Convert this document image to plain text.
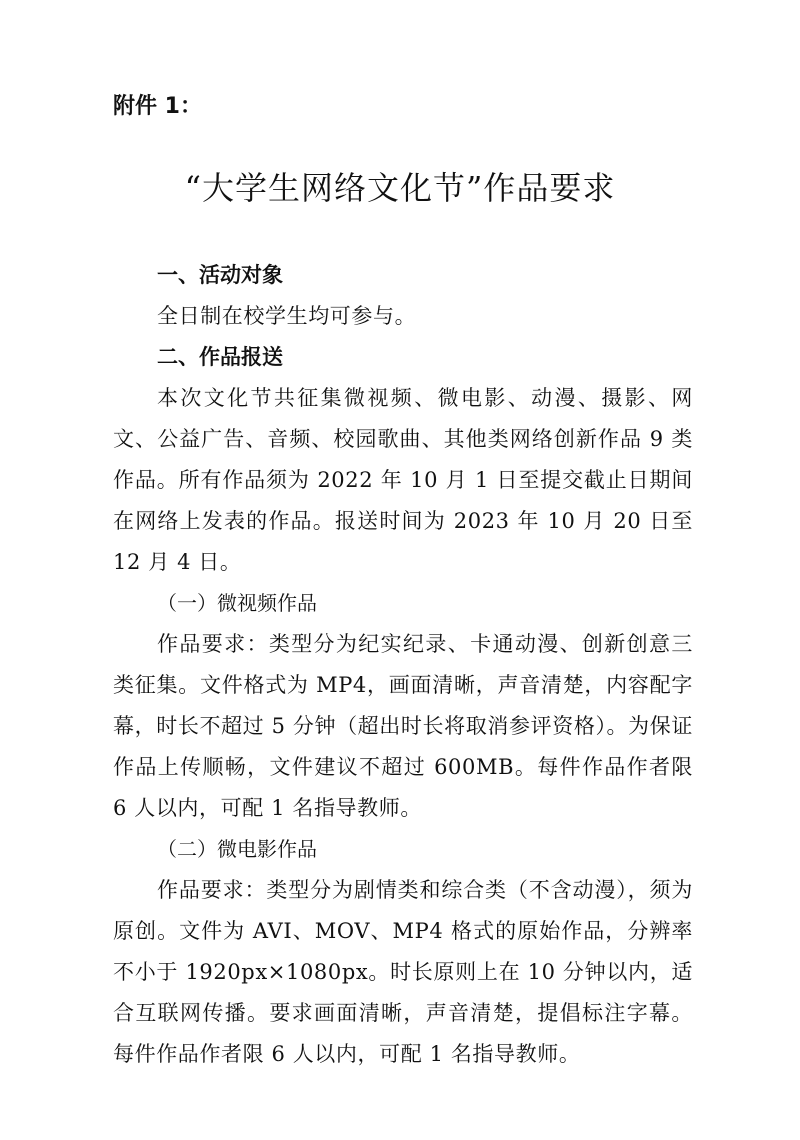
附件 1：
“大学生网络文化节”作品要求

一、活动对象

全日制在校学生均可参与。

二、作品报送

本次文化节共征集微视频、微电影、动漫、摄影、网文、公益广告、音频、校园歌曲、其他类网络创新作品 9 类作品。所有作品须为 2022 年 10 月 1 日至提交截止日期间在网络上发表的作品。报送时间为 2023 年 10 月 20 日至 12 月 4 日。

（一）微视频作品

作品要求：类型分为纪实纪录、卡通动漫、创新创意三类征集。文件格式为 MP4，画面清晰，声音清楚，内容配字幕，时长不超过 5 分钟（超出时长将取消参评资格）。为保证作品上传顺畅，文件建议不超过 600MB。每件作品作者限 6 人以内，可配 1 名指导教师。

（二）微电影作品

作品要求：类型分为剧情类和综合类（不含动漫），须为原创。文件为 AVI、MOV、MP4 格式的原始作品，分辨率不小于 1920px×1080px。时长原则上在 10 分钟以内，适合互联网传播。要求画面清晰，声音清楚，提倡标注字幕。每件作品作者限 6 人以内，可配 1 名指导教师。
